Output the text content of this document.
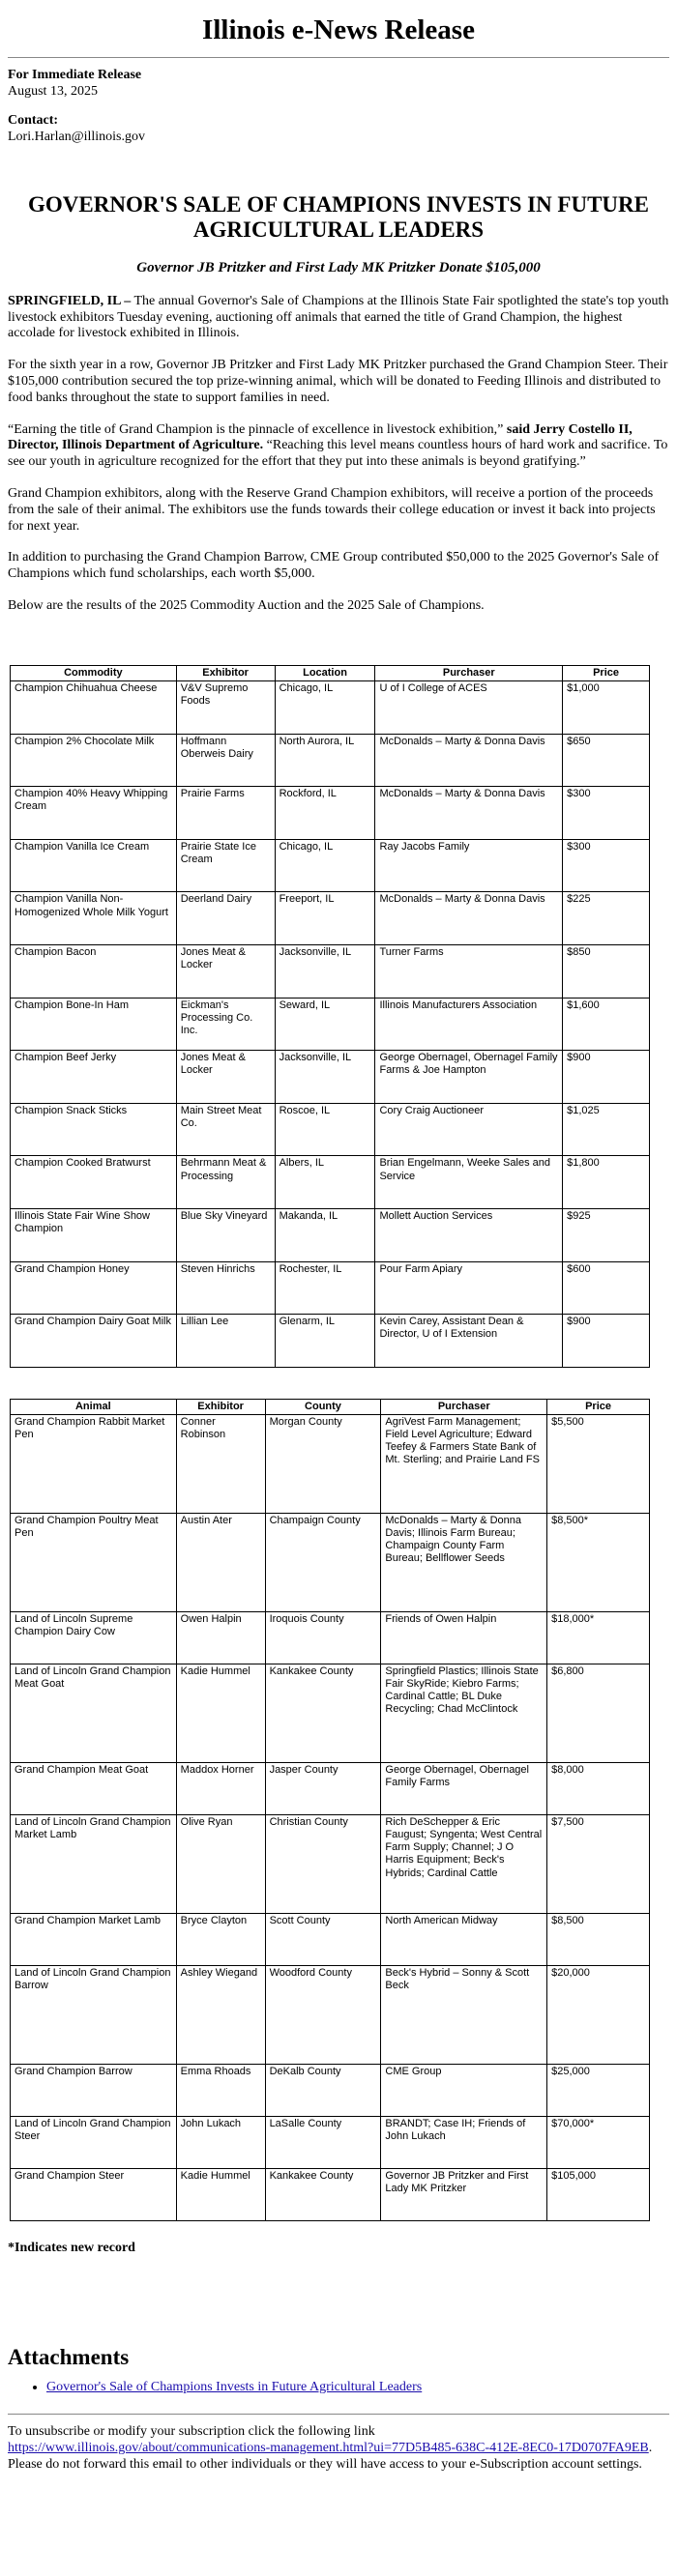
Illinois e-News Release

For Immediate Release

August 13, 2025

Contact:

Lori.Harlan@illinois.gov

GOVERNOR'S SALE OF CHAMPIONS INVESTS IN FUTURE AGRICULTURAL LEADERS
Governor JB Pritzker and First Lady MK Pritzker Donate $105,000

SPRINGFIELD, IL – The annual Governor's Sale of Champions at the Illinois State Fair spotlighted the state's top youth livestock exhibitors Tuesday evening, auctioning off animals that earned the title of Grand Champion, the highest accolade for livestock exhibited in Illinois.

For the sixth year in a row, Governor JB Pritzker and First Lady MK Pritzker purchased the Grand Champion Steer. Their $105,000 contribution secured the top prize-winning animal, which will be donated to Feeding Illinois and distributed to food banks throughout the state to support families in need.

“Earning the title of Grand Champion is the pinnacle of excellence in livestock exhibition,” said Jerry Costello II, Director, Illinois Department of Agriculture. “Reaching this level means countless hours of hard work and sacrifice. To see our youth in agriculture recognized for the effort that they put into these animals is beyond gratifying.”

Grand Champion exhibitors, along with the Reserve Grand Champion exhibitors, will receive a portion of the proceeds from the sale of their animal. The exhibitors use the funds towards their college education or invest it back into projects for next year.

In addition to purchasing the Grand Champion Barrow, CME Group contributed $50,000 to the 2025 Governor's Sale of Champions which fund scholarships, each worth $5,000.

Below are the results of the 2025 Commodity Auction and the 2025 Sale of Champions.

Commodity	Exhibitor	Location	Purchaser	Price
Champion Chihuahua Cheese	V&V Supremo Foods	Chicago, IL	U of I College of ACES	$1,000
Champion 2% Chocolate Milk	Hoffmann Oberweis Dairy	North Aurora, IL	McDonalds – Marty & Donna Davis	$650
Champion 40% Heavy Whipping Cream	Prairie Farms	Rockford, IL	McDonalds – Marty & Donna Davis	$300
Champion Vanilla Ice Cream	Prairie State Ice Cream	Chicago, IL	Ray Jacobs Family	$300
Champion Vanilla Non-Homogenized Whole Milk Yogurt	Deerland Dairy	Freeport, IL	McDonalds – Marty & Donna Davis	$225
Champion Bacon	Jones Meat & Locker	Jacksonville, IL	Turner Farms	$850
Champion Bone-In Ham	Eickman's Processing Co. Inc.	Seward, IL	Illinois Manufacturers Association	$1,600
Champion Beef Jerky	Jones Meat & Locker	Jacksonville, IL	George Obernagel, Obernagel Family Farms & Joe Hampton	$900
Champion Snack Sticks	Main Street Meat Co.	Roscoe, IL	Cory Craig Auctioneer	$1,025
Champion Cooked Bratwurst	Behrmann Meat & Processing	Albers, IL	Brian Engelmann, Weeke Sales and Service	$1,800
Illinois State Fair Wine Show Champion	Blue Sky Vineyard	Makanda, IL	Mollett Auction Services	$925
Grand Champion Honey	Steven Hinrichs	Rochester, IL	Pour Farm Apiary	$600
Grand Champion Dairy Goat Milk	Lillian Lee	Glenarm, IL	Kevin Carey, Assistant Dean & Director, U of I Extension	$900
Animal	Exhibitor	County	Purchaser	Price
Grand Champion Rabbit Market Pen	Conner Robinson	Morgan County	AgriVest Farm Management; Field Level Agriculture; Edward Teefey & Farmers State Bank of Mt. Sterling; and Prairie Land FS	$5,500
Grand Champion Poultry Meat Pen	Austin Ater	Champaign County	McDonalds – Marty & Donna Davis; Illinois Farm Bureau; Champaign County Farm Bureau; Bellflower Seeds	$8,500*
Land of Lincoln Supreme Champion Dairy Cow	Owen Halpin	Iroquois County	Friends of Owen Halpin	$18,000*
Land of Lincoln Grand Champion Meat Goat	Kadie Hummel	Kankakee County	Springfield Plastics; Illinois State Fair SkyRide; Kiebro Farms; Cardinal Cattle; BL Duke Recycling; Chad McClintock	$6,800
Grand Champion Meat Goat	Maddox Horner	Jasper County	George Obernagel, Obernagel Family Farms	$8,000
Land of Lincoln Grand Champion Market Lamb	Olive Ryan	Christian County	Rich DeSchepper & Eric Faugust; Syngenta; West Central Farm Supply; Channel; J O Harris Equipment; Beck's Hybrids; Cardinal Cattle	$7,500
Grand Champion Market Lamb	Bryce Clayton	Scott County	North American Midway	$8,500
Land of Lincoln Grand Champion Barrow	Ashley Wiegand	Woodford County	Beck's Hybrid – Sonny & Scott Beck	$20,000
Grand Champion Barrow	Emma Rhoads	DeKalb County	CME Group	$25,000
Land of Lincoln Grand Champion Steer	John Lukach	LaSalle County	BRANDT; Case IH; Friends of John Lukach	$70,000*
Grand Champion Steer	Kadie Hummel	Kankakee County	Governor JB Pritzker and First Lady MK Pritzker	$105,000

*Indicates new record

Attachments
• Governor's Sale of Champions Invests in Future Agricultural Leaders

To unsubscribe or modify your subscription click the following link
https://www.illinois.gov/about/communications-management.html?ui=77D5B485-638C-412E-8EC0-17D0707FA9EB. Please do not forward this email to other individuals or they will have access to your e-Subscription account settings.
